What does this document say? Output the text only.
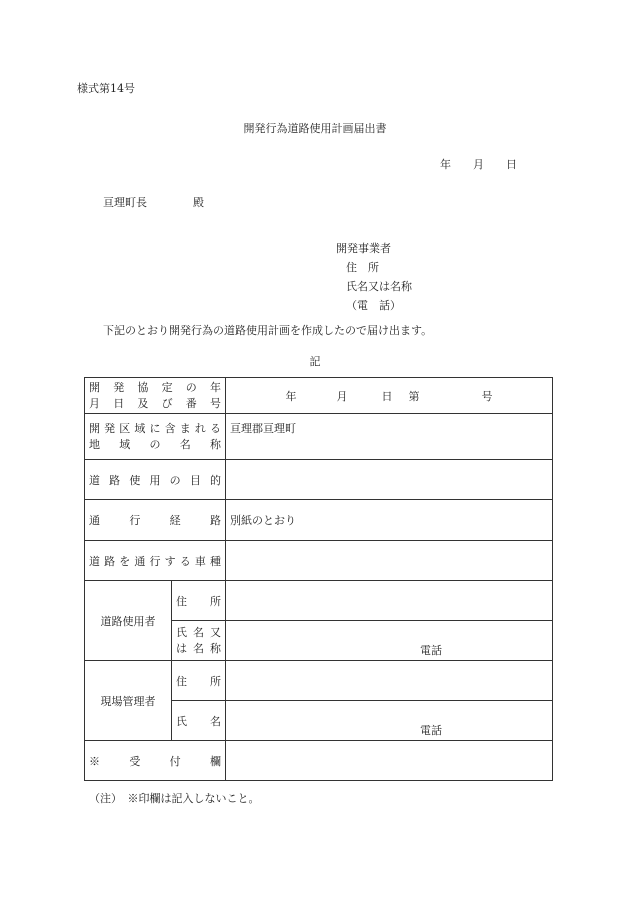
様式第14号
開発行為道路使用計画届出書
年 月 日
亘理町長	殿
開発事業者
住　所
氏名又は名称
（電　話）
下記のとおり開発行為の道路使用計画を作成したので届け出ます。
記
開発協定の年
月日及び番号		年 月 日 第 号

開発区域に含まれる
地域の名称		亘理郡亘理町
道路使用の目的		
通行経路		別紙のとおり
道路を通行する車種		
道路使用者	住所	

	氏名又
は名称	電話

現場管理者	住所	
	氏名	電話

※受付欄		
（注）　※印欄は記入しないこと。
